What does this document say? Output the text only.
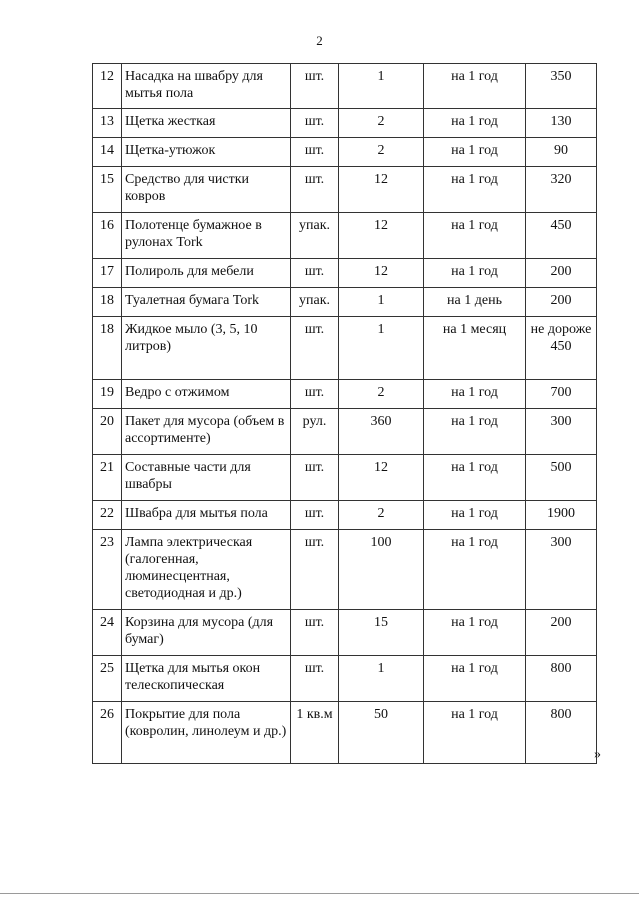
2
12	Насадка на швабру для мытья пола	шт.	1	на 1 год	350
13	Щетка жесткая	шт.	2	на 1 год	130
14	Щетка-утюжок	шт.	2	на 1 год	90
15	Средство для чистки ковров	шт.	12	на 1 год	320
16	Полотенце бумажное в рулонах Tork	упак.	12	на 1 год	450
17	Полироль для мебели	шт.	12	на 1 год	200
18	Туалетная бумага Tork	упак.	1	на 1 день	200
18	Жидкое мыло (3, 5, 10 литров)	шт.	1	на 1 месяц	не дороже 450
19	Ведро с отжимом	шт.	2	на 1 год	700
20	Пакет для мусора (объем в ассортименте)	рул.	360	на 1 год	300
21	Составные части для швабры	шт.	12	на 1 год	500
22	Швабра для мытья пола	шт.	2	на 1 год	1900
23	Лампа электрическая (галогенная, люминесцентная, светодиодная и др.)	шт.	100	на 1 год	300
24	Корзина для мусора (для бумаг)	шт.	15	на 1 год	200
25	Щетка для мытья окон телескопическая	шт.	1	на 1 год	800
26	Покрытие для пола (ковролин, линолеум и др.)	1 кв.м	50	на 1 год	800
»
